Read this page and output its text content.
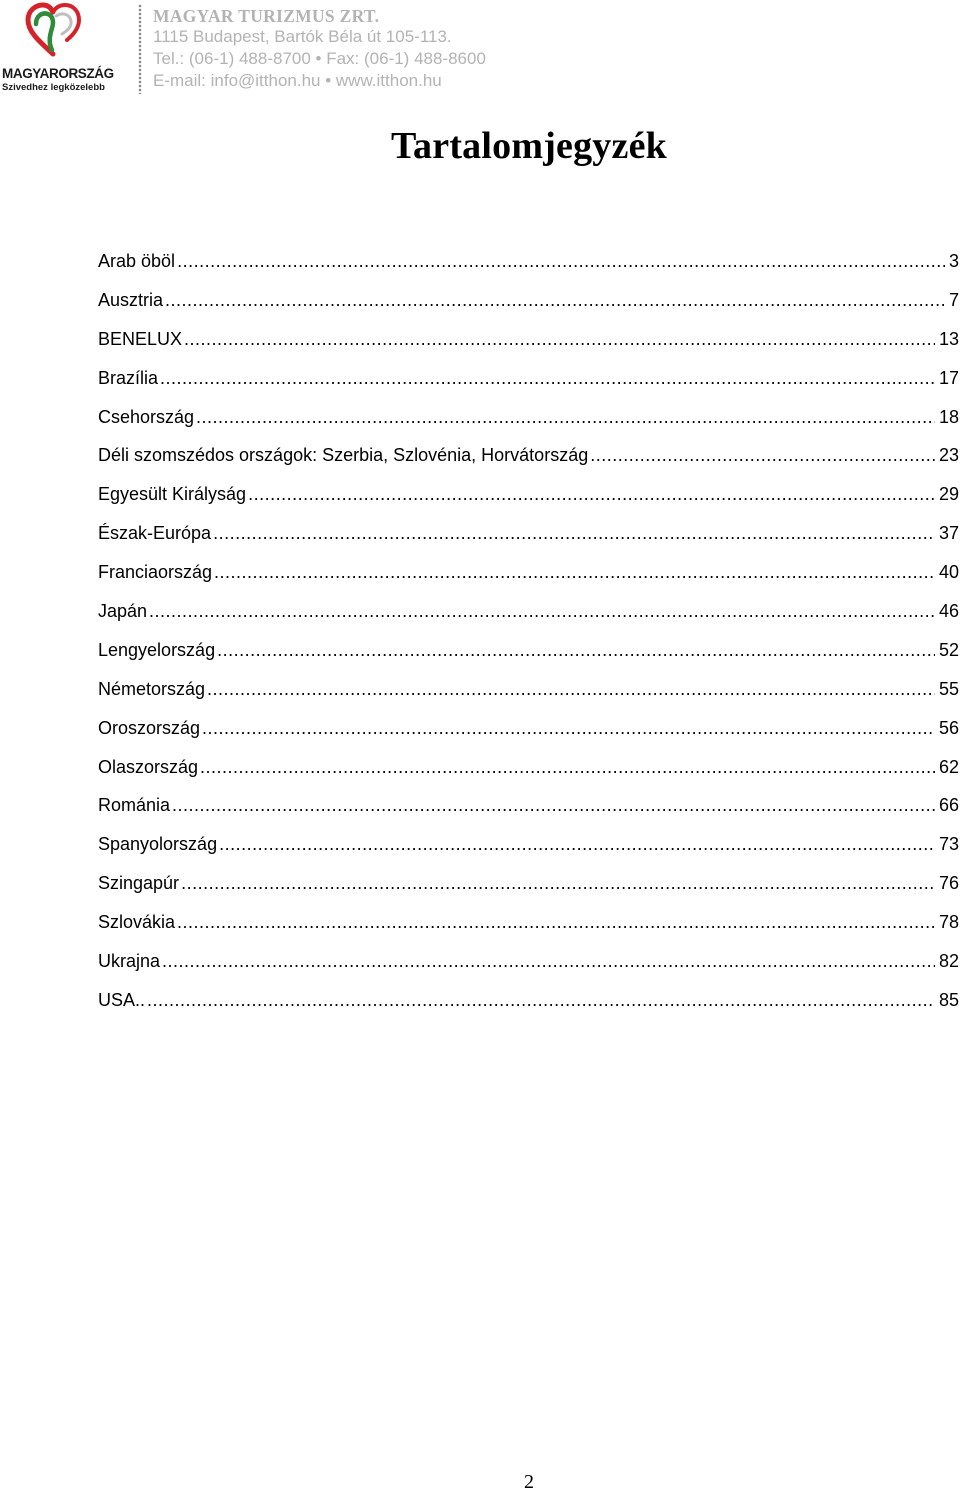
MAGYARORSZÁG
Szivedhez legközelebb
MAGYAR TURIZMUS ZRT.
1115 Budapest, Bartók Béla út 105-113.
Tel.: (06-1) 488-8700 • Fax: (06-1) 488-8600
E-mail: info@itthon.hu • www.itthon.hu
Tartalomjegyzék
Arab öböl .....	3
Ausztria .....	7
BENELUX .....	13
Brazília .....	17
Csehország .....	18
Déli szomszédos országok: Szerbia, Szlovénia, Horvátország .....	23
Egyesült Királyság .....	29
Észak-Európa .....	37
Franciaország .....	40
Japán .....	46
Lengyelország .....	52
Németország .....	55
Oroszország .....	56
Olaszország .....	62
Románia .....	66
Spanyolország .....	73
Szingapúr .....	76
Szlovákia .....	78
Ukrajna .....	82
USA.. .....	85
2
